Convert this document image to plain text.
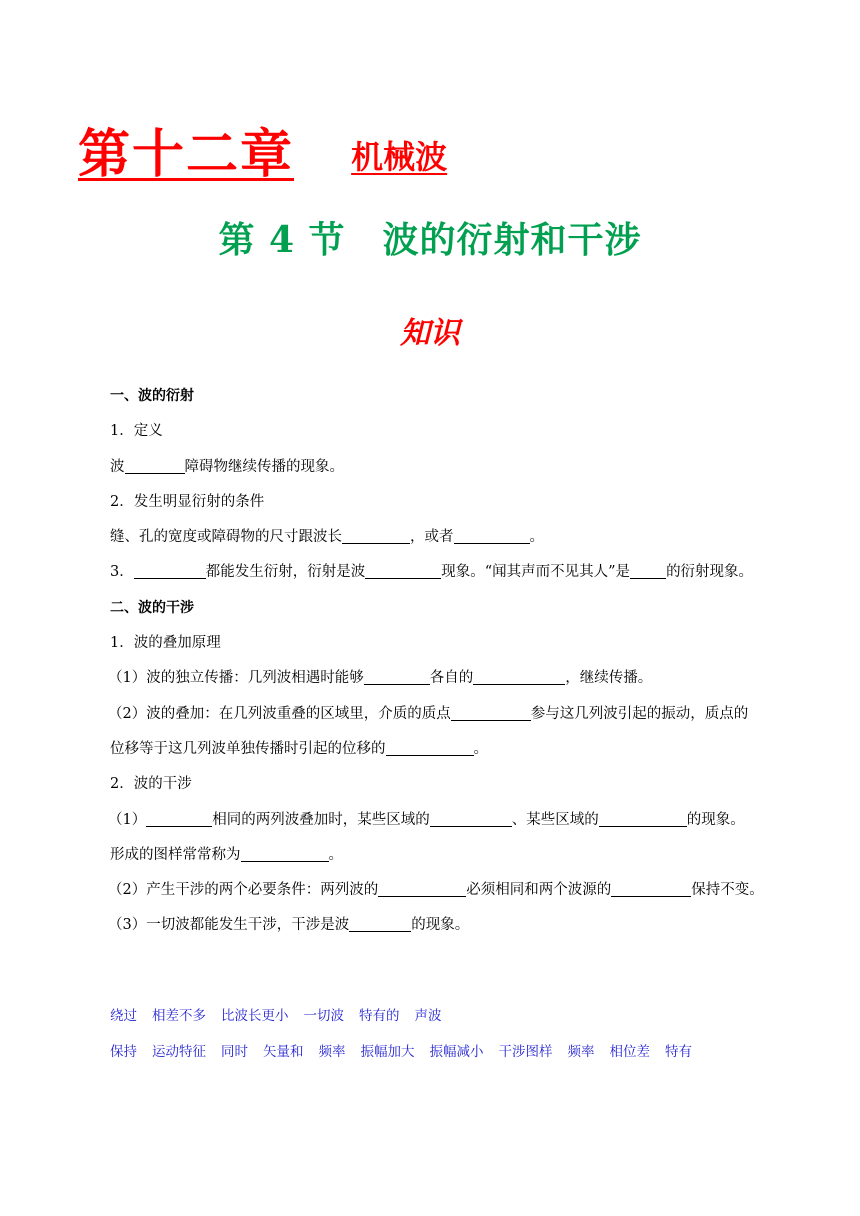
第十二章 机械波
第 4 节　波的衍射和干涉
知识
一、波的衍射
1．定义
波	障碍物继续传播的现象。
2．发生明显衍射的条件
缝、孔的宽度或障碍物的尺寸跟波长	，或者	。
3．	都能发生衍射，衍射是波	现象。“闻其声而不见其人”是 的衍射现象。
二、波的干涉
1．波的叠加原理
（1）波的独立传播：几列波相遇时能够	各自的	，继续传播。
（2）波的叠加：在几列波重叠的区域里，介质的质点	参与这几列波引起的振动，质点的
位移等于这几列波单独传播时引起的位移的	。
2．波的干涉
（1）	相同的两列波叠加时，某些区域的	、某些区域的	的现象。
形成的图样常常称为	。
（2）产生干涉的两个必要条件：两列波的	必须相同和两个波源的	保持不变。
（3）一切波都能发生干涉，干涉是波	的现象。
绕过 相差不多 比波长更小 一切波 特有的 声波
保持 运动特征 同时 矢量和 频率 振幅加大 振幅减小 干涉图样 频率 相位差 特有
